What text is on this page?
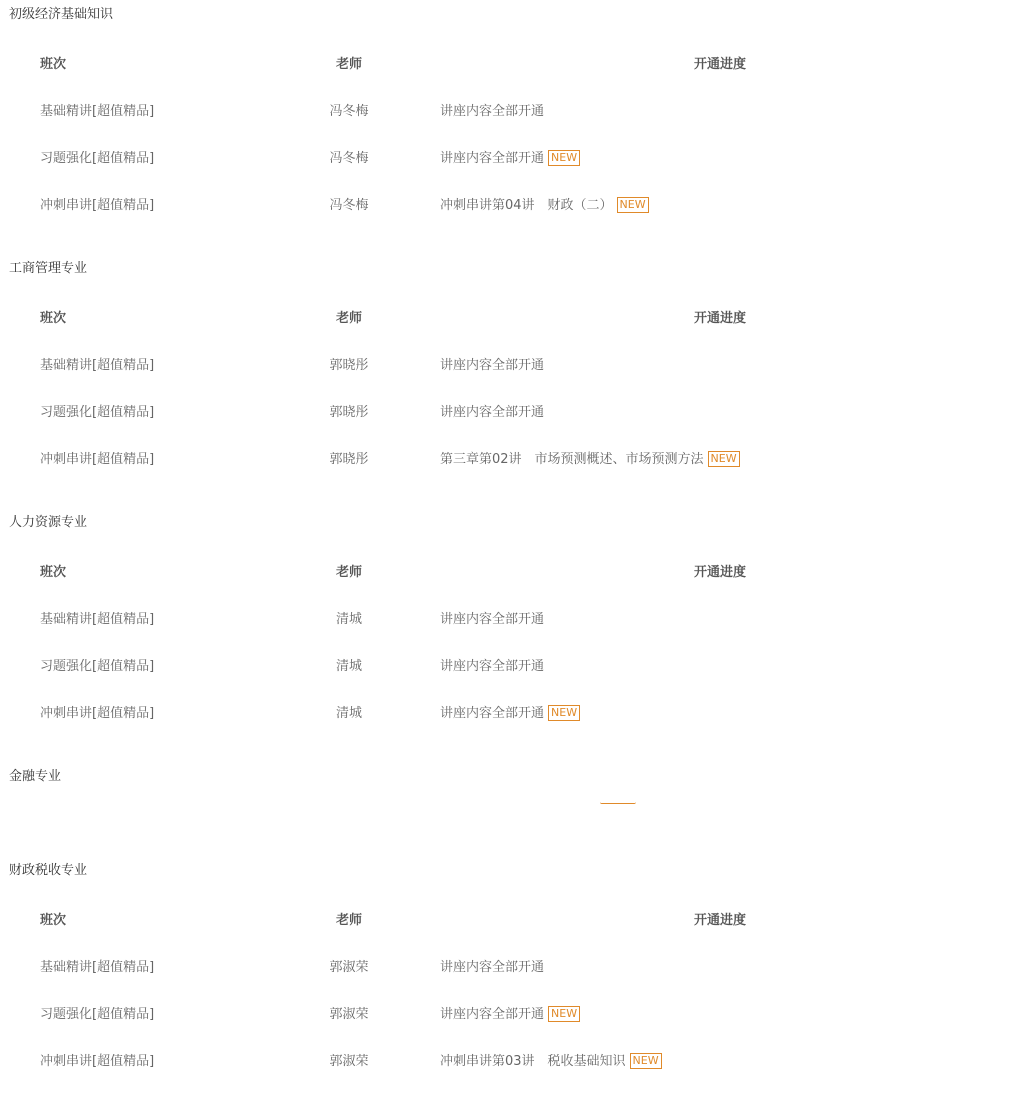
初级经济基础知识
班次	老师	开通进度
基础精讲[超值精品]	冯冬梅	讲座内容全部开通
习题强化[超值精品]	冯冬梅	讲座内容全部开通 NEW
冲刺串讲[超值精品]	冯冬梅	冲刺串讲第04讲　财政（二） NEW
工商管理专业
班次	老师	开通进度
基础精讲[超值精品]	郭晓彤	讲座内容全部开通
习题强化[超值精品]	郭晓彤	讲座内容全部开通
冲刺串讲[超值精品]	郭晓彤	第三章第02讲　市场预测概述、市场预测方法 NEW
人力资源专业
班次	老师	开通进度
基础精讲[超值精品]	清城	讲座内容全部开通
习题强化[超值精品]	清城	讲座内容全部开通
冲刺串讲[超值精品]	清城	讲座内容全部开通 NEW
金融专业
财政税收专业
班次	老师	开通进度
基础精讲[超值精品]	郭淑荣	讲座内容全部开通
习题强化[超值精品]	郭淑荣	讲座内容全部开通 NEW
冲刺串讲[超值精品]	郭淑荣	冲刺串讲第03讲　税收基础知识 NEW
